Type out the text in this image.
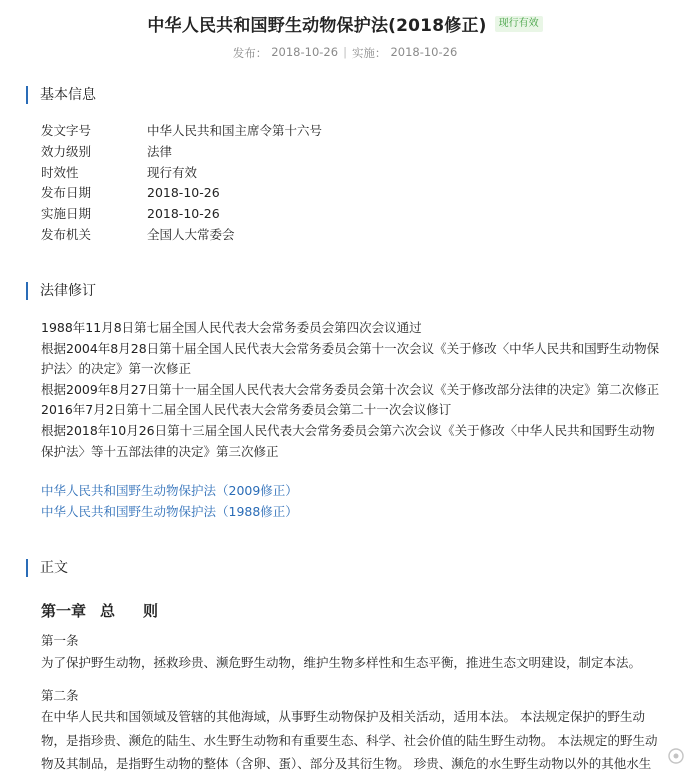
中华人民共和国野生动物保护法(2018修正)	现行有效
发布： 2018-10-26 | 实施： 2018-10-26
基本信息
发文字号	中华人民共和国主席令第十六号
效力级别	法律
时效性	现行有效
发布日期	2018-10-26
实施日期	2018-10-26
发布机关	全国人大常委会
法律修订
1988年11月8日第七届全国人民代表大会常务委员会第四次会议通过
根据2004年8月28日第十届全国人民代表大会常务委员会第十一次会议《关于修改〈中华人民共和国野生动物保
护法〉的决定》第一次修正
根据2009年8月27日第十一届全国人民代表大会常务委员会第十次会议《关于修改部分法律的决定》第二次修正
2016年7月2日第十二届全国人民代表大会常务委员会第二十一次会议修订
根据2018年10月26日第十三届全国人民代表大会常务委员会第六次会议《关于修改〈中华人民共和国野生动物
保护法〉等十五部法律的决定》第三次修正
中华人民共和国野生动物保护法（2009修正）
中华人民共和国野生动物保护法（1988修正）
正文
第一章 总 则
第一条
为了保护野生动物，拯救珍贵、濒危野生动物，维护生物多样性和生态平衡，推进生态文明建设，制定本法。
第二条
在中华人民共和国领域及管辖的其他海域，从事野生动物保护及相关活动，适用本法。 本法规定保护的野生动
物，是指珍贵、濒危的陆生、水生野生动物和有重要生态、科学、社会价值的陆生野生动物。 本法规定的野生动
物及其制品，是指野生动物的整体（含卵、蛋）、部分及其衍生物。 珍贵、濒危的水生野生动物以外的其他水生
